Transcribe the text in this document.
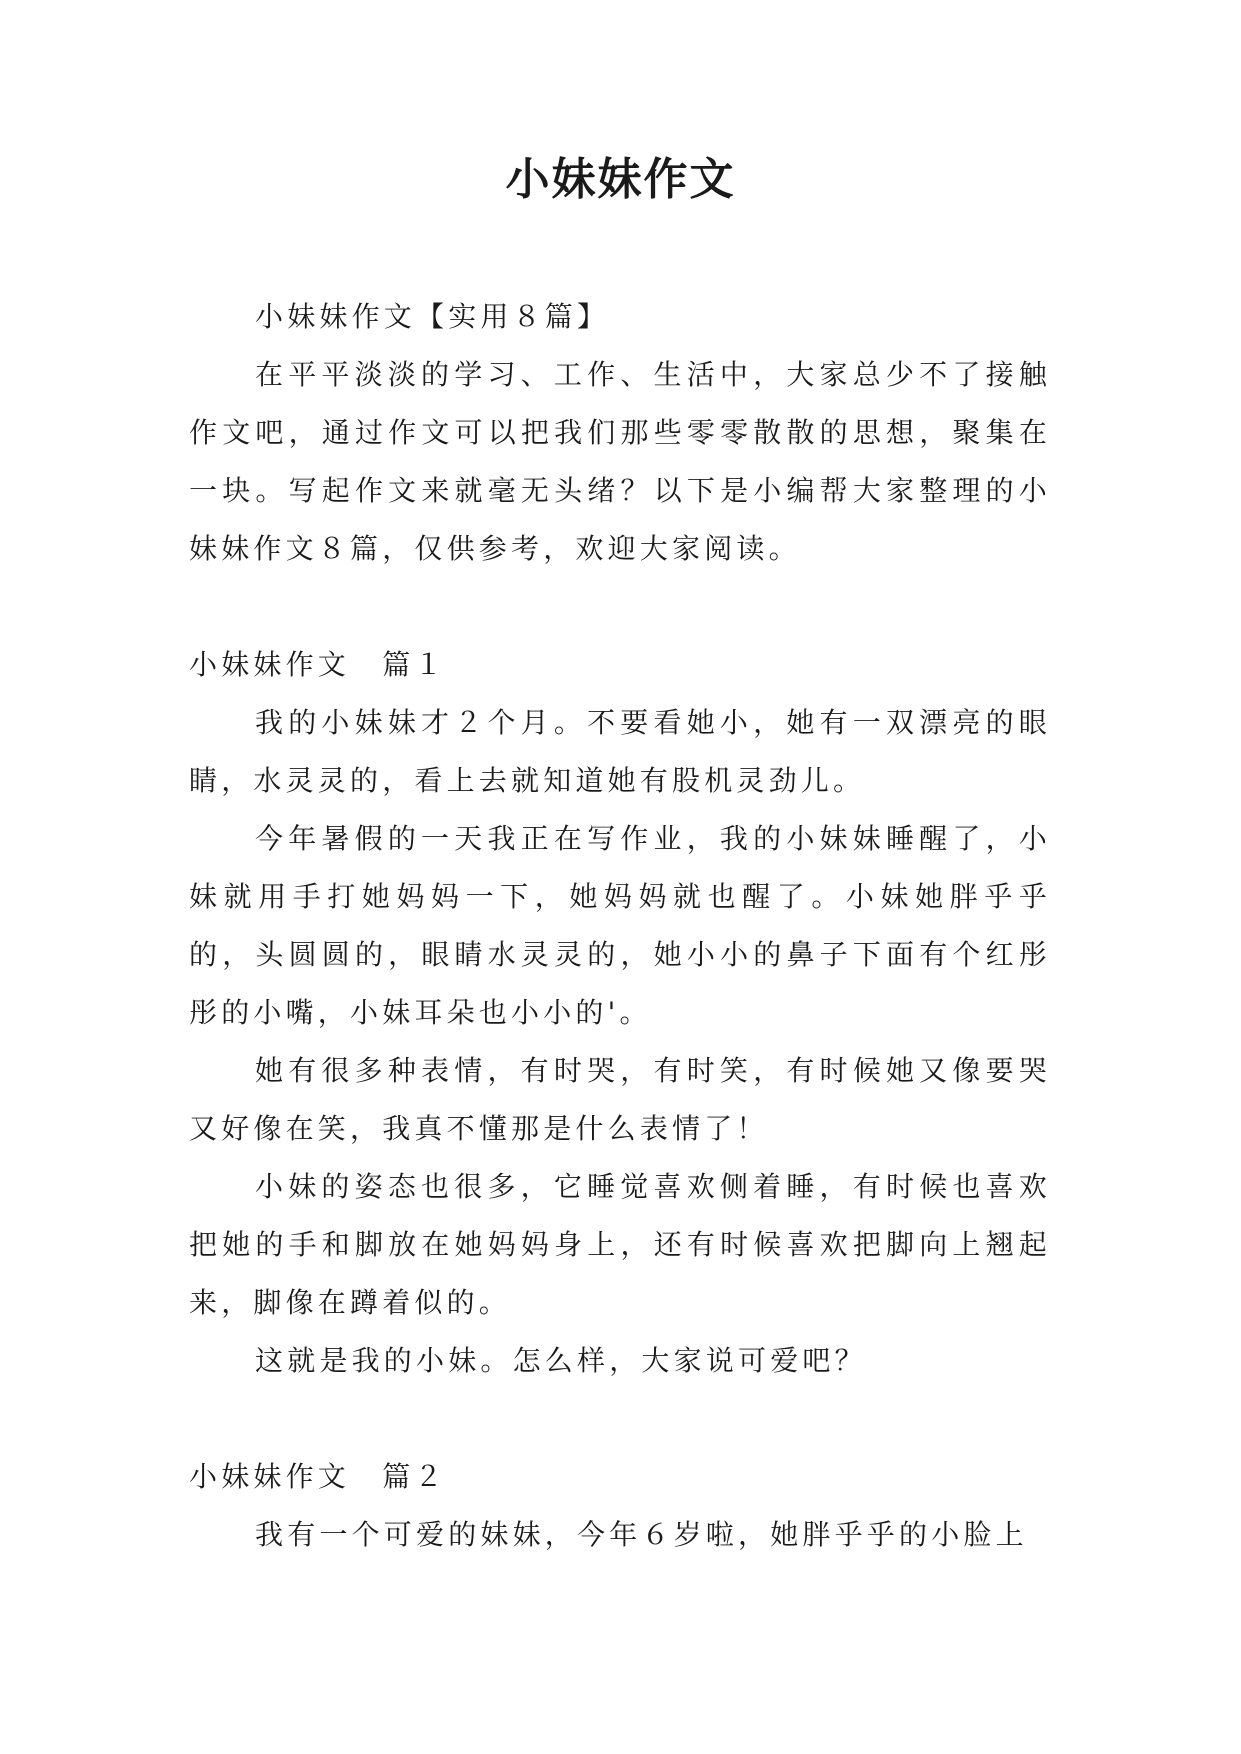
小妹妹作文

小妹妹作文【实用８篇】

在平平淡淡的学习、工作、生活中，大家总少不了接触作文吧，通过作文可以把我们那些零零散散的思想，聚集在一块。写起作文来就毫无头绪？以下是小编帮大家整理的小妹妹作文８篇，仅供参考，欢迎大家阅读。

小妹妹作文　篇１

我的小妹妹才２个月。不要看她小，她有一双漂亮的眼睛，水灵灵的，看上去就知道她有股机灵劲儿。

今年暑假的一天我正在写作业，我的小妹妹睡醒了，小妹就用手打她妈妈一下，她妈妈就也醒了。小妹她胖乎乎的，头圆圆的，眼睛水灵灵的，她小小的鼻子下面有个红彤彤的小嘴，小妹耳朵也小小的'。

她有很多种表情，有时哭，有时笑，有时候她又像要哭又好像在笑，我真不懂那是什么表情了！

小妹的姿态也很多，它睡觉喜欢侧着睡，有时候也喜欢把她的手和脚放在她妈妈身上，还有时候喜欢把脚向上翘起来，脚像在蹲着似的。

这就是我的小妹。怎么样，大家说可爱吧？

小妹妹作文　篇２

我有一个可爱的妹妹，今年６岁啦，她胖乎乎的小脸上
